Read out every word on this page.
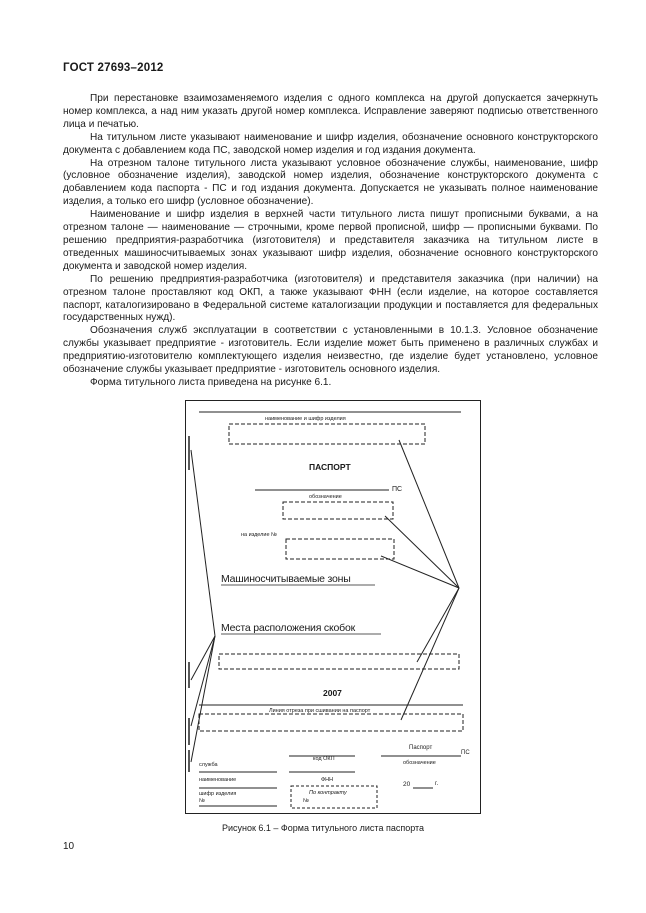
ГОСТ 27693–2012

При перестановке взаимозаменяемого изделия с одного комплекса на другой допускается зачеркнуть номер комплекса, а над ним указать другой номер комплекса. Исправление заверяют подписью ответственного лица и печатью.

На титульном листе указывают наименование и шифр изделия, обозначение основного конструкторского документа с добавлением кода ПС, заводской номер изделия и год издания документа.

На отрезном талоне титульного листа указывают условное обозначение службы, наименование, шифр (условное обозначение изделия), заводской номер изделия, обозначение конструкторского документа с добавлением кода паспорта - ПС и год издания документа. Допускается не указывать полное наименование изделия, а только его шифр (условное обозначение).

Наименование и шифр изделия в верхней части титульного листа пишут прописными буквами, а на отрезном талоне — наименование — строчными, кроме первой прописной, шифр — прописными буквами. По решению предприятия-разработчика (изготовителя) и представителя заказчика на титульном листе в отведенных машиносчитываемых зонах указывают шифр изделия, обозначение основного конструкторского документа и заводской номер изделия.

По решению предприятия-разработчика (изготовителя) и представителя заказчика (при наличии) на отрезном талоне проставляют код ОКП, а также указывают ФНН (если изделие, на которое составляется паспорт, каталогизировано в Федеральной системе каталогизации продукции и поставляется для федеральных государственных нужд).

Обозначения служб эксплуатации в соответствии с установленными в 10.1.3. Условное обозначение службы указывает предприятие - изготовитель. Если изделие может быть применено в различных службах и предприятию-изготовителю комплектующего изделия неизвестно, где изделие будет установлено, условное обозначение службы указывает предприятие - изготовитель основного изделия.

Форма титульного листа приведена на рисунке 6.1.

наименование и шифр изделия
ПАСПОРТ
ПС
обозначение
на изделие №
Машиносчитываемые зоны
Места расположения скобок
2007
Линия отреза при сшивании на паспорт
Паспорт
ПС
служба
код ОКП
обозначение
наименование	ФНН
20	г.
шифр изделия
№
По контракту
№
Рисунок 6.1 – Форма титульного листа паспорта
10
